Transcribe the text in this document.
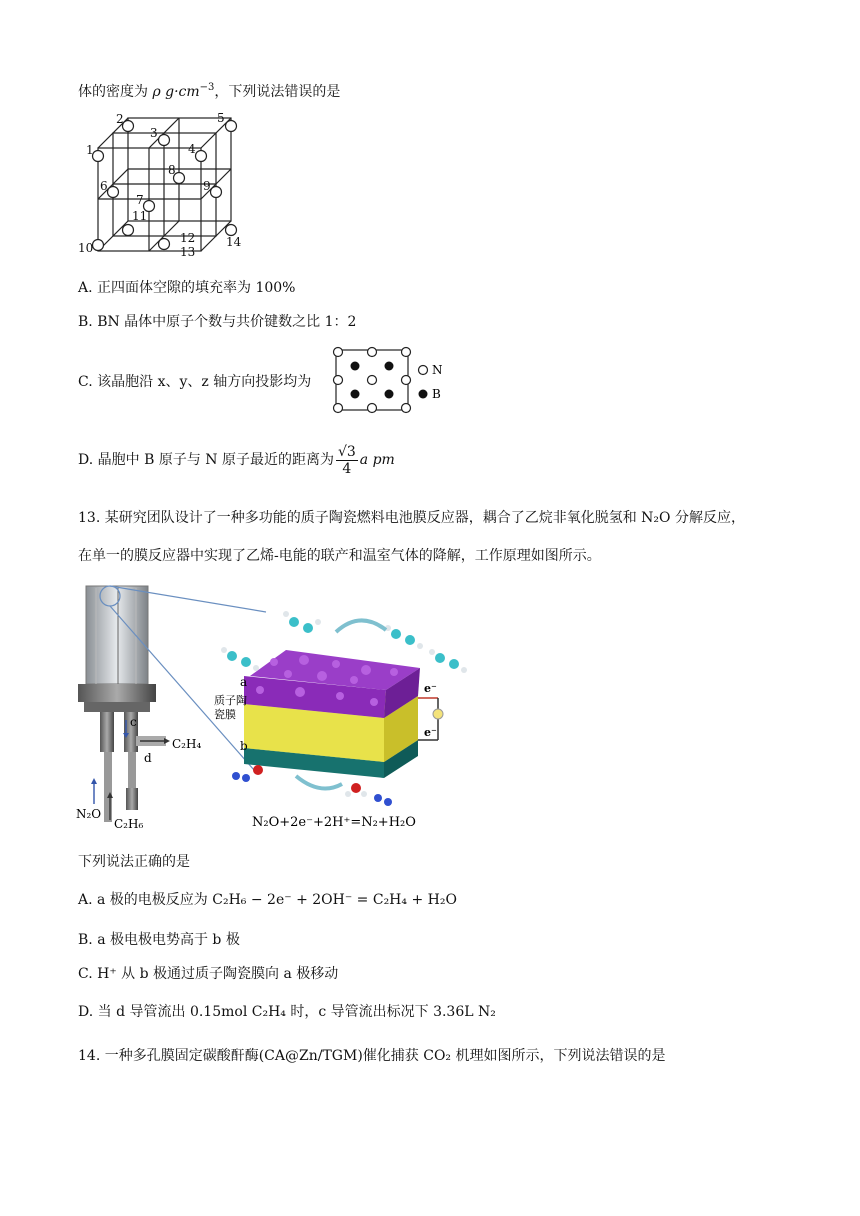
体的密度为 ρ $g\cdot cm^{-3}$，下列说法错误的是
1
2
3
4
5
6
7
8
9
10
11
12
13
14
A. 正四面体空隙的填充率为 100%
B. BN 晶体中原子个数与共价键数之比 1：2
C. 该晶胞沿 x、y、z 轴方向投影均为
N
B
D. 晶胞中 B 原子与 N 原子最近的距离为 $\frac{√3}{4}$ a pm
13. 某研究团队设计了一种多功能的质子陶瓷燃料电池膜反应器，耦合了乙烷非氧化脱氢和 N₂O 分解反应，
在单一的膜反应器中实现了乙烯-电能的联产和温室气体的降解，工作原理如图所示。
c
d
C₂H₄
N₂O
C₂H₆
e⁻
e⁻
a
b
质子陶
瓷膜
N₂O+2e⁻+2H⁺=N₂+H₂O
下列说法正确的是
A. a 极的电极反应为 C₂H₆ − 2e⁻ + 2OH⁻ = C₂H₄ + H₂O
B. a 极电极电势高于 b 极
C. H⁺ 从 b 极通过质子陶瓷膜向 a 极移动
D. 当 d 导管流出 0.15mol C₂H₄ 时，c 导管流出标况下 3.36L N₂
14. 一种多孔膜固定碳酸酐酶(CA@Zn/TGM)催化捕获 CO₂ 机理如图所示，下列说法错误的是
